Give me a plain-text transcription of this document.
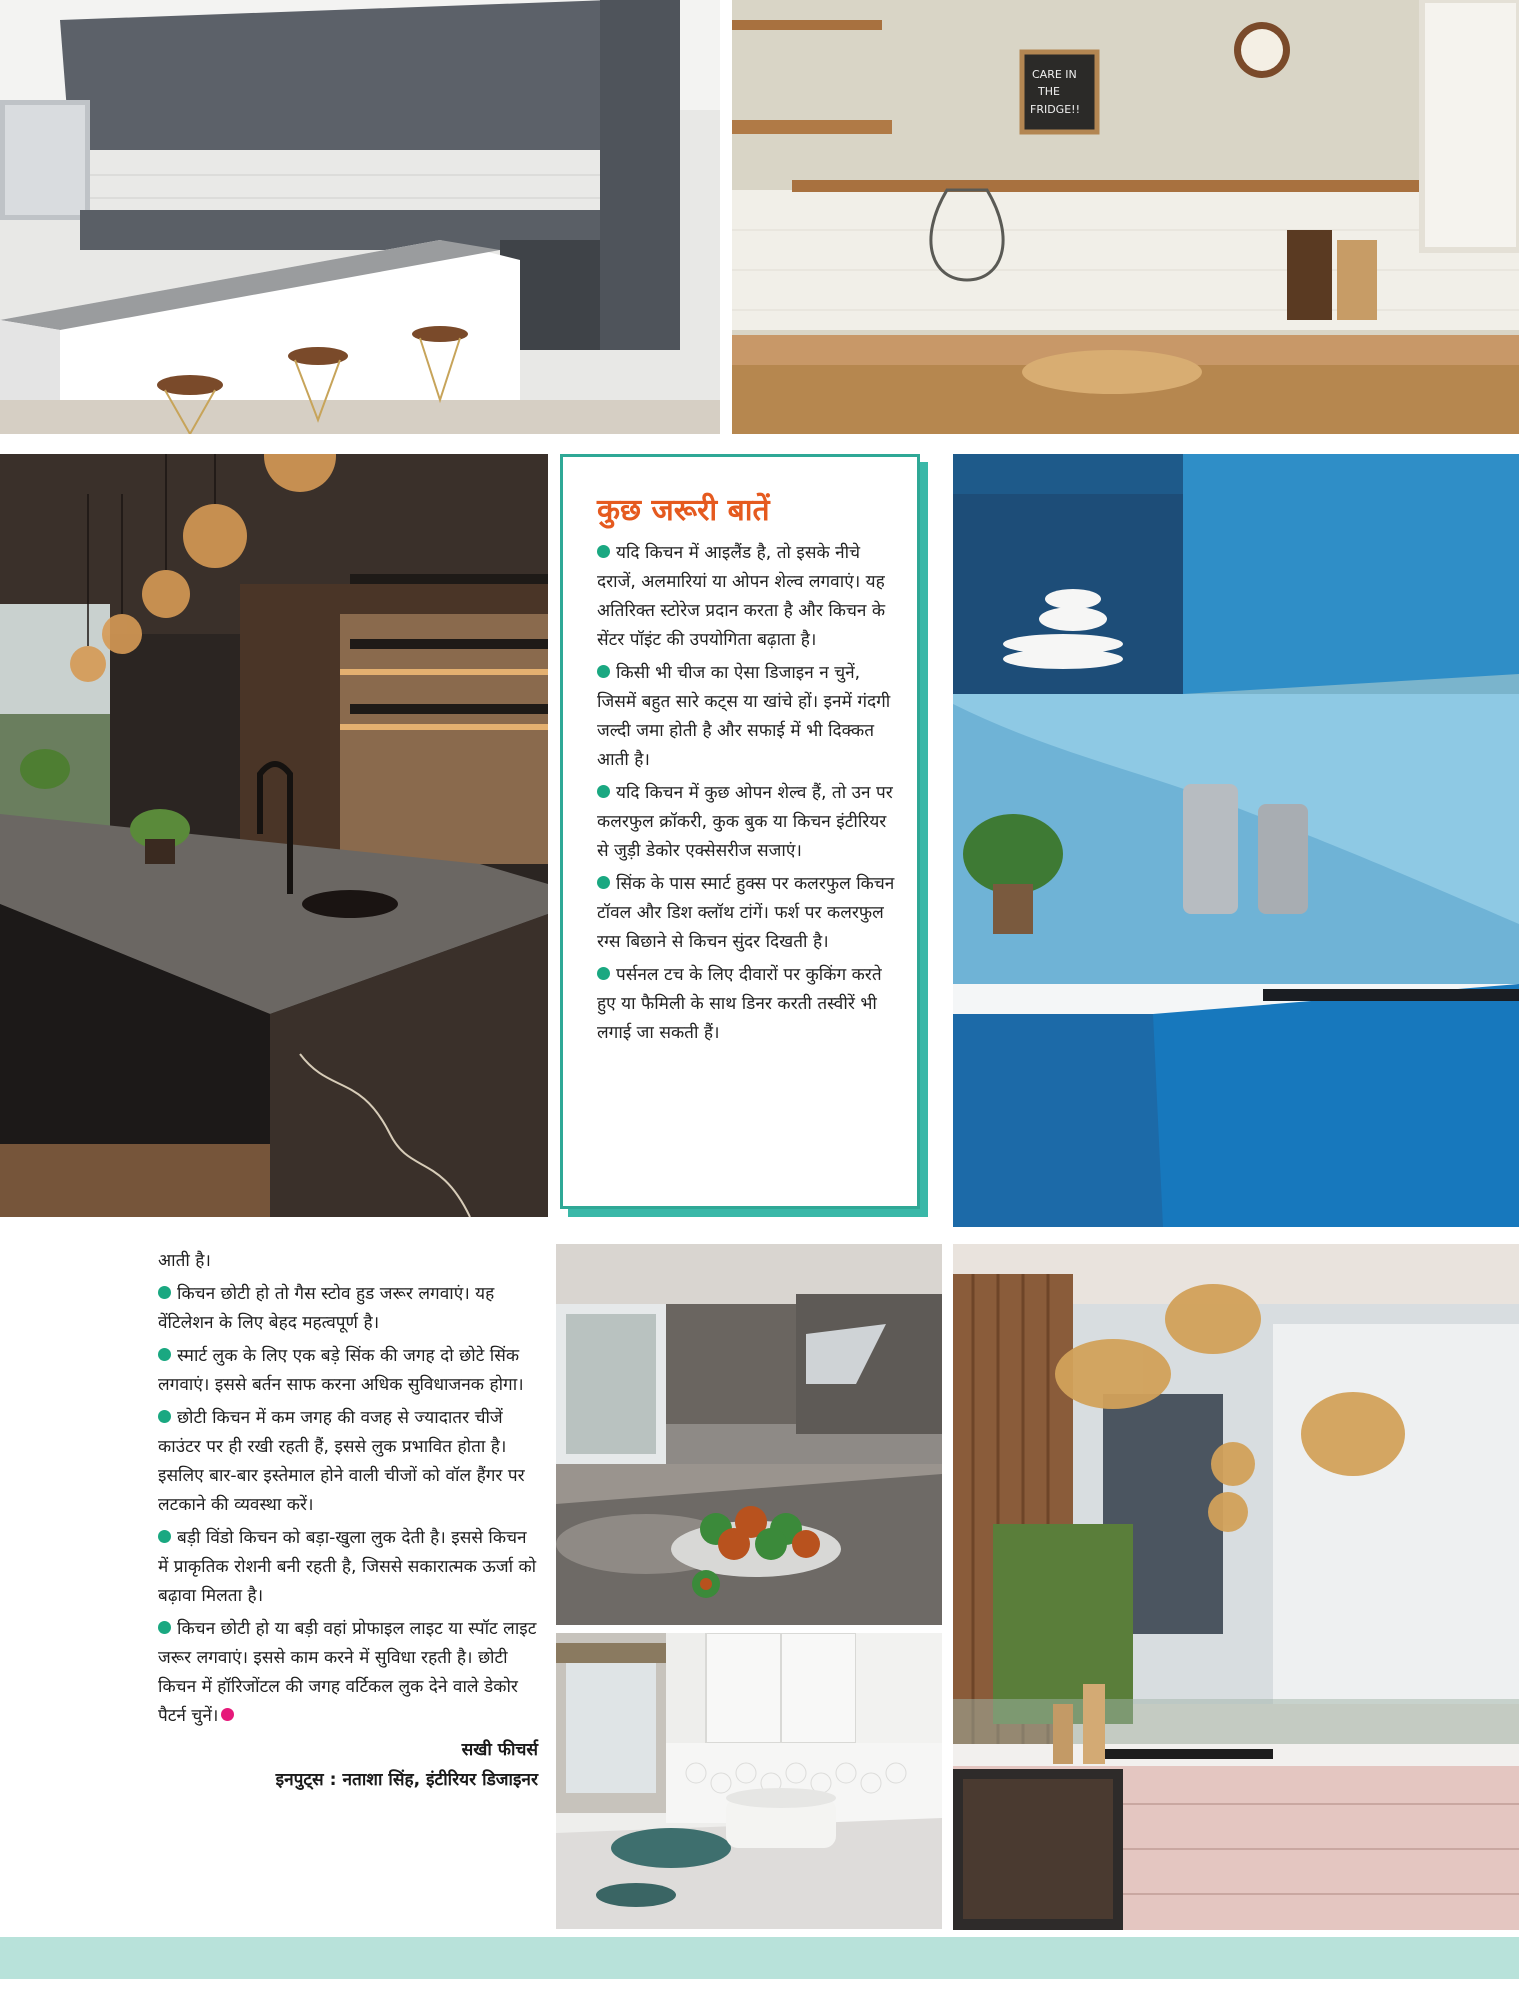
CARE IN
THE
FRIDGE!!
कुछ जरूरी बातें

यदि किचन में आइलैंड है, तो इसके नीचे दराजें, अलमारियां या ओपन शेल्व लगवाएं। यह अतिरिक्त स्टोरेज प्रदान करता है और किचन के सेंटर पॉइंट की उपयोगिता बढ़ाता है।

किसी भी चीज का ऐसा डिजाइन न चुनें, जिसमें बहुत सारे कट्स या खांचे हों। इनमें गंदगी जल्दी जमा होती है और सफाई में भी दिक्कत आती है।

यदि किचन में कुछ ओपन शेल्व हैं, तो उन पर कलरफुल क्रॉकरी, कुक बुक या किचन इंटीरियर से जुड़ी डेकोर एक्सेसरीज सजाएं।

सिंक के पास स्मार्ट हुक्स पर कलरफुल किचन टॉवल और डिश क्लॉथ टांगें। फर्श पर कलरफुल रग्स बिछाने से किचन सुंदर दिखती है।

पर्सनल टच के लिए दीवारों पर कुकिंग करते हुए या फैमिली के साथ डिनर करती तस्वीरें भी लगाई जा सकती हैं।

आती है।

किचन छोटी हो तो गैस स्टोव हुड जरूर लगवाएं। यह वेंटिलेशन के लिए बेहद महत्वपूर्ण है।

स्मार्ट लुक के लिए एक बड़े सिंक की जगह दो छोटे सिंक लगवाएं। इससे बर्तन साफ करना अधिक सुविधाजनक होगा।

छोटी किचन में कम जगह की वजह से ज्यादातर चीजें काउंटर पर ही रखी रहती हैं, इससे लुक प्रभावित होता है। इसलिए बार-बार इस्तेमाल होने वाली चीजों को वॉल हैंगर पर लटकाने की व्यवस्था करें।

बड़ी विंडो किचन को बड़ा-खुला लुक देती है। इससे किचन में प्राकृतिक रोशनी बनी रहती है, जिससे सकारात्मक ऊर्जा को बढ़ावा मिलता है।

किचन छोटी हो या बड़ी वहां प्रोफाइल लाइट या स्पॉट लाइट जरूर लगवाएं। इससे काम करने में सुविधा रहती है। छोटी किचन में हॉरिजोंटल की जगह वर्टिकल लुक देने वाले डेकोर पैटर्न चुनें।

सखी फीचर्स

इनपुट्स : नताशा सिंह, इंटीरियर डिजाइनर
